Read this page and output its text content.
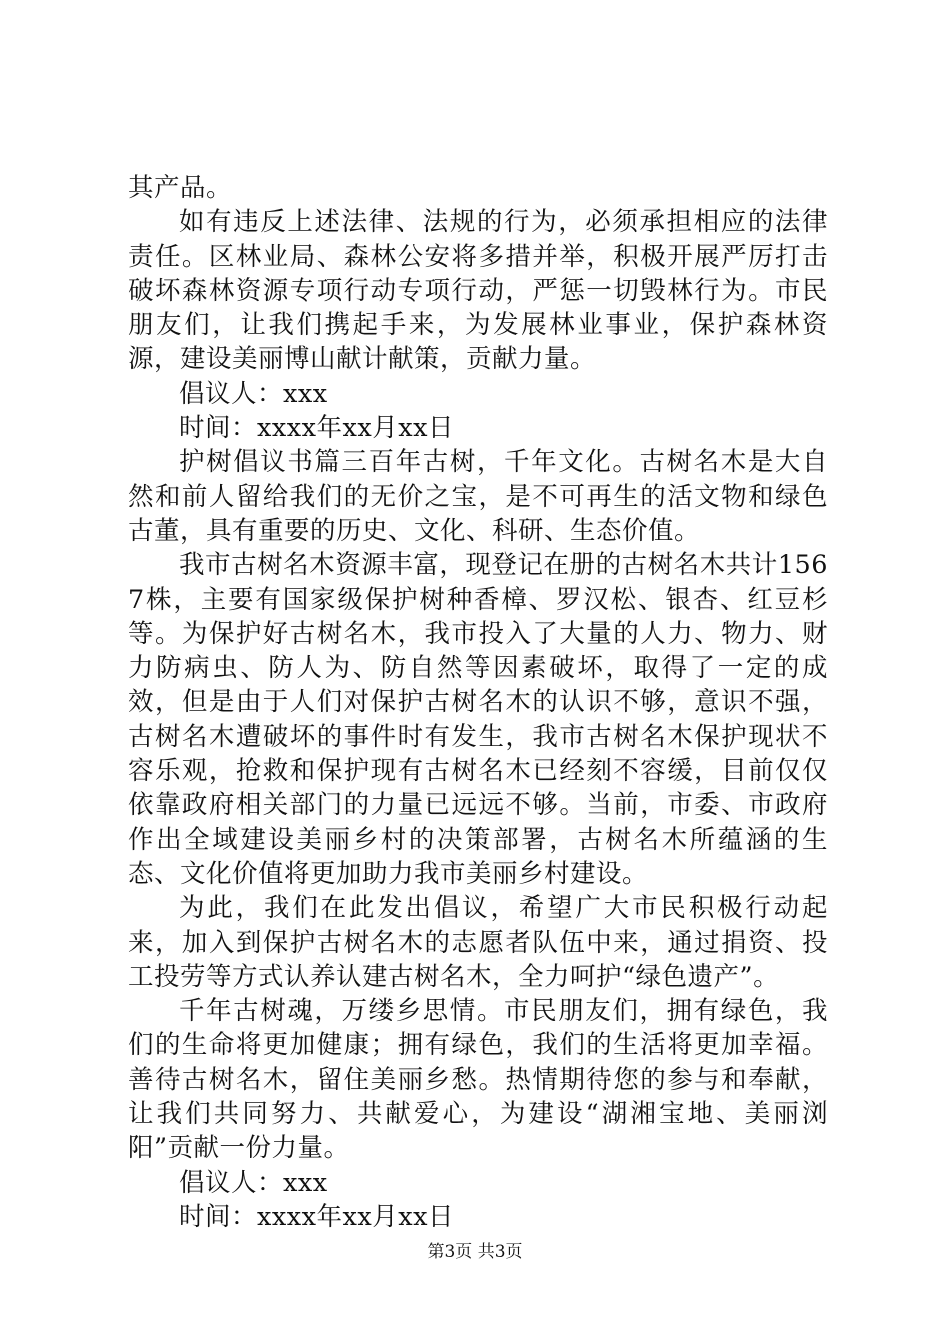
其产品。

如有违反上述法律、法规的行为，必须承担相应的法律责任。区林业局、森林公安将多措并举，积极开展严厉打击破坏森林资源专项行动专项行动，严惩一切毁林行为。市民朋友们，让我们携起手来，为发展林业事业，保护森林资源，建设美丽博山献计献策，贡献力量。

倡议人：xxx

时间：xxxx年xx月xx日

护树倡议书篇三百年古树，千年文化。古树名木是大自然和前人留给我们的无价之宝，是不可再生的活文物和绿色古董，具有重要的历史、文化、科研、生态价值。

我市古树名木资源丰富，现登记在册的古树名木共计1567株，主要有国家级保护树种香樟、罗汉松、银杏、红豆杉等。为保护好古树名木，我市投入了大量的人力、物力、财力防病虫、防人为、防自然等因素破坏，取得了一定的成效，但是由于人们对保护古树名木的认识不够，意识不强，古树名木遭破坏的事件时有发生，我市古树名木保护现状不容乐观，抢救和保护现有古树名木已经刻不容缓，目前仅仅依靠政府相关部门的力量已远远不够。当前，市委、市政府作出全域建设美丽乡村的决策部署，古树名木所蕴涵的生态、文化价值将更加助力我市美丽乡村建设。

为此，我们在此发出倡议，希望广大市民积极行动起来，加入到保护古树名木的志愿者队伍中来，通过捐资、投工投劳等方式认养认建古树名木，全力呵护“绿色遗产”。

千年古树魂，万缕乡思情。市民朋友们，拥有绿色，我们的生命将更加健康；拥有绿色，我们的生活将更加幸福。善待古树名木，留住美丽乡愁。热情期待您的参与和奉献，让我们共同努力、共献爱心，为建设“湖湘宝地、美丽浏阳”贡献一份力量。

倡议人：xxx

时间：xxxx年xx月xx日

第3页 共3页
